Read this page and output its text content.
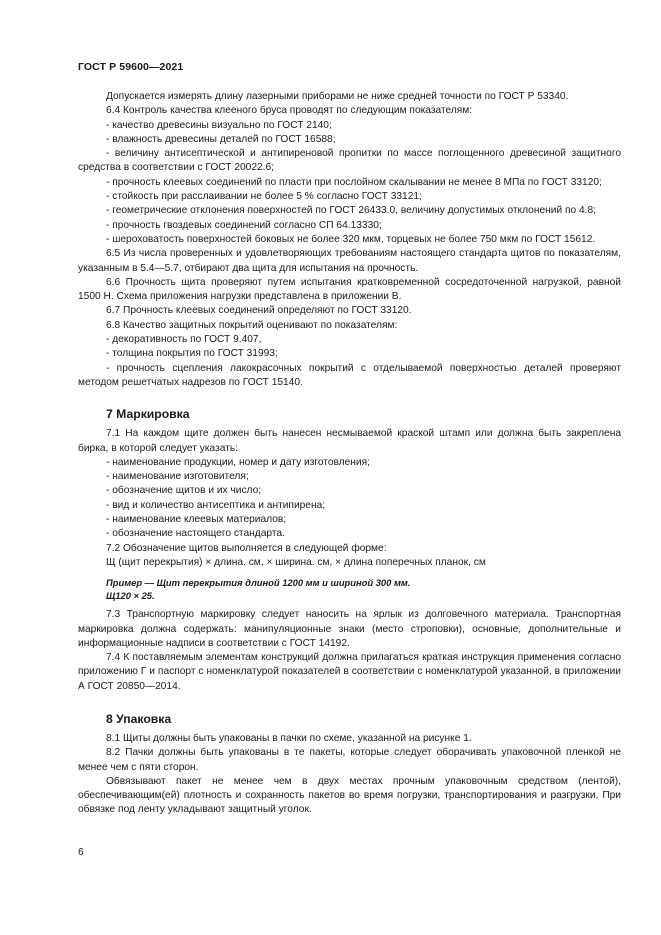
ГОСТ Р 59600—2021

Допускается измерять длину лазерными приборами не ниже средней точности по ГОСТ Р 53340.

6.4 Контроль качества клееного бруса проводят по следующим показателям:

- качество древесины визуально по ГОСТ 2140;

- влажность древесины деталей по ГОСТ 16588;

- величину антисептической и антипиреновой пропитки по массе поглощенного древесиной защитного средства в соответствии с ГОСТ 20022.6;

- прочность клеевых соединений по пласти при послойном скалывании не менее 8 МПа по ГОСТ 33120;

- стойкость при расслаивании не более 5 % согласно ГОСТ 33121;

- геометрические отклонения поверхностей по ГОСТ 26433.0, величину допустимых отклонений по 4.8;

- прочность гвоздевых соединений согласно СП 64.13330;

- шероховатость поверхностей боковых не более 320 мкм, торцевых не более 750 мкм по ГОСТ 15612.

6.5 Из числа проверенных и удовлетворяющих требованиям настоящего стандарта щитов по показателям, указанным в 5.4—5.7, отбирают два щита для испытания на прочность.

6.6 Прочность щита проверяют путем испытания кратковременной сосредоточенной нагрузкой, равной 1500 Н. Схема приложения нагрузки представлена в приложении В.

6.7 Прочность клеевых соединений определяют по ГОСТ 33120.

6.8 Качество защитных покрытий оценивают по показателям:

- декоративность по ГОСТ 9.407,

- толщина покрытия по ГОСТ 31993;

- прочность сцепления лакокрасочных покрытий с отделываемой поверхностью деталей проверяют методом решетчатых надрезов по ГОСТ 15140.

7 Маркировка

7.1 На каждом щите должен быть нанесен несмываемой краской штамп или должна быть закреплена бирка, в которой следует указать:

- наименование продукции, номер и дату изготовления;

- наименование изготовителя;

- обозначение щитов и их число;

- вид и количество антисептика и антипирена;

- наименование клеевых материалов;

- обозначение настоящего стандарта.

7.2 Обозначение щитов выполняется в следующей форме:

Щ (щит перекрытия) × длина. см, × ширина. см, × длина поперечных планок, см

Пример — Щит перекрытия длиной 1200 мм и шириной 300 мм.
Щ120 × 25.

7.3 Транспортную маркировку следует наносить на ярлык из долговечного материала. Транспортная маркировка должна содержать: манипуляционные знаки (место строповки), основные, дополнительные и информационные надписи в соответствии с ГОСТ 14192.

7.4 К поставляемым элементам конструкций должна прилагаться краткая инструкция применения согласно приложению Г и паспорт с номенклатурой показателей в соответствии с номенклатурой указанной, в приложении А ГОСТ 20850—2014.

8 Упаковка

8.1 Щиты должны быть упакованы в пачки по схеме, указанной на рисунке 1.

8.2 Пачки должны быть упакованы в те пакеты, которые следует оборачивать упаковочной пленкой не менее чем с пяти сторон.

Обвязывают пакет не менее чем в двух местах прочным упаковочным средством (лентой), обеспечивающим(ей) плотность и сохранность пакетов во время погрузки, транспортирования и разгрузки. При обвязке под ленту укладывают защитный уголок.

6
